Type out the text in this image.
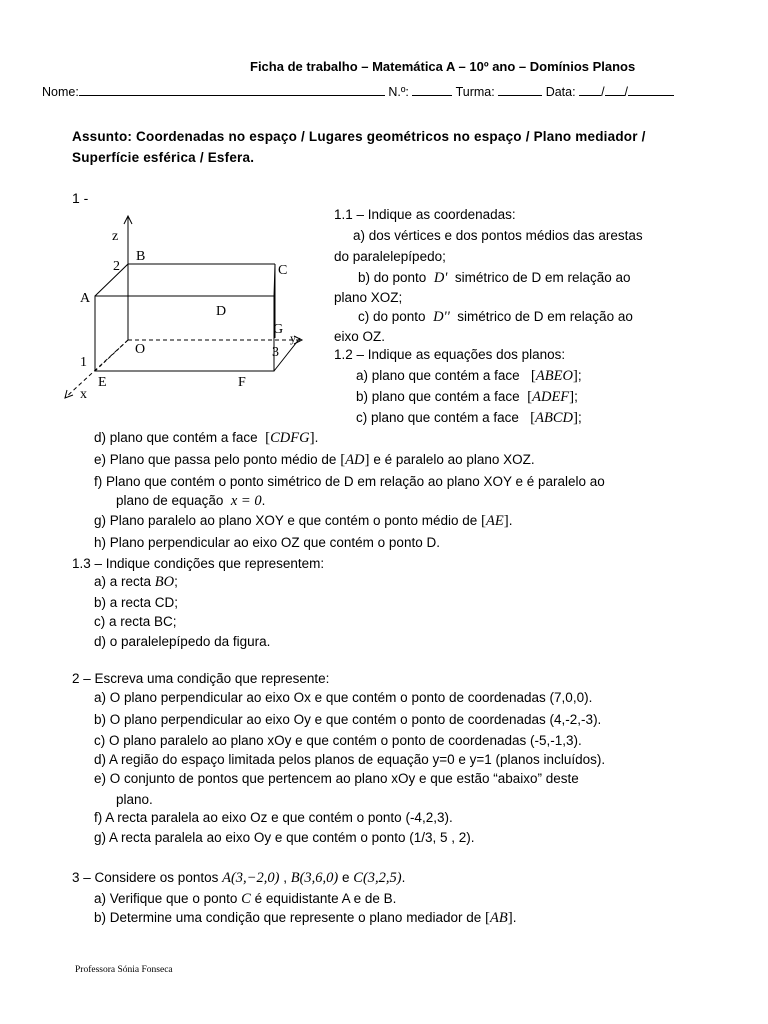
Ficha de trabalho – Matemática A – 10º ano – Domínios Planos
Nome:	N.º:	Turma:	Data: / /
Assunto: Coordenadas no espaço / Lugares geométricos no espaço / Plano mediador / Superfície esférica / Esfera.
1 -
z
y
x
2
3
1
A
B
C
D
E	F
G
O
1.1 – Indique as coordenadas:
a) dos vértices e dos pontos médios das arestas
do paralelepípedo;
b) do ponto D' simétrico de D em relação ao
plano XOZ;
c) do ponto D'' simétrico de D em relação ao
eixo OZ.
1.2 – Indique as equações dos planos:
a) plano que contém a face [ABEO];
b) plano que contém a face [ADEF];
c) plano que contém a face [ABCD];
d) plano que contém a face [CDFG].
e) Plano que passa pelo ponto médio de [AD] e é paralelo ao plano XOZ.
f) Plano que contém o ponto simétrico de D em relação ao plano XOY e é paralelo ao
plano de equação x = 0.
g) Plano paralelo ao plano XOY e que contém o ponto médio de [AE].
h) Plano perpendicular ao eixo OZ que contém o ponto D.
1.3 – Indique condições que representem:
a) a recta BO;
b) a recta CD;
c) a recta BC;
d) o paralelepípedo da figura.
2 – Escreva uma condição que represente:
a) O plano perpendicular ao eixo Ox e que contém o ponto de coordenadas (7,0,0).
b) O plano perpendicular ao eixo Oy e que contém o ponto de coordenadas (4,-2,-3).
c) O plano paralelo ao plano xOy e que contém o ponto de coordenadas (-5,-1,3).
d) A região do espaço limitada pelos planos de equação y=0 e y=1 (planos incluídos).
e) O conjunto de pontos que pertencem ao plano xOy e que estão “abaixo” deste
plano.
f) A recta paralela ao eixo Oz e que contém o ponto (-4,2,3).
g) A recta paralela ao eixo Oy e que contém o ponto (1/3, 5 , 2).
3 – Considere os pontos A(3,−2,0) , B(3,6,0) e C(3,2,5).
a) Verifique que o ponto C é equidistante A e de B.
b) Determine uma condição que represente o plano mediador de [AB].
Professora Sónia Fonseca
